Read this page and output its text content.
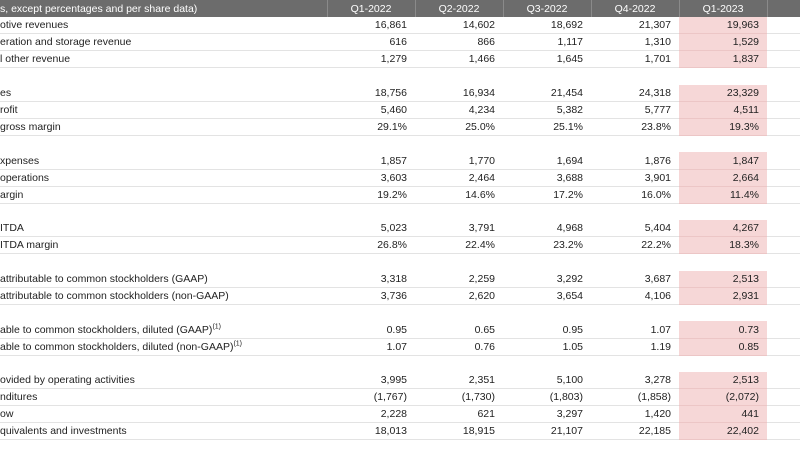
s, except percentages and per share data)	Q1-2022	Q2-2022	Q3-2022	Q4-2022	Q1-2023	
otive revenues	16,861	14,602	18,692	21,307	19,963	
eration and storage revenue	616	866	1,117	1,310	1,529	
l other revenue	1,279	1,466	1,645	1,701	1,837	

es	18,756	16,934	21,454	24,318	23,329	
rofit	5,460	4,234	5,382	5,777	4,511	
gross margin	29.1%	25.0%	25.1%	23.8%	19.3%	

xpenses	1,857	1,770	1,694	1,876	1,847	
operations	3,603	2,464	3,688	3,901	2,664	
argin	19.2%	14.6%	17.2%	16.0%	11.4%	

ITDA	5,023	3,791	4,968	5,404	4,267	
ITDA margin	26.8%	22.4%	23.2%	22.2%	18.3%	

attributable to common stockholders (GAAP)	3,318	2,259	3,292	3,687	2,513	
attributable to common stockholders (non-GAAP)	3,736	2,620	3,654	4,106	2,931	

able to common stockholders, diluted (GAAP)$^{(1)}$	0.95	0.65	0.95	1.07	0.73	
able to common stockholders, diluted (non-GAAP)$^{(1)}$	1.07	0.76	1.05	1.19	0.85	

ovided by operating activities	3,995	2,351	5,100	3,278	2,513	
nditures	(1,767)	(1,730)	(1,803)	(1,858)	(2,072)	
ow	2,228	621	3,297	1,420	441	
quivalents and investments	18,013	18,915	21,107	22,185	22,402	
